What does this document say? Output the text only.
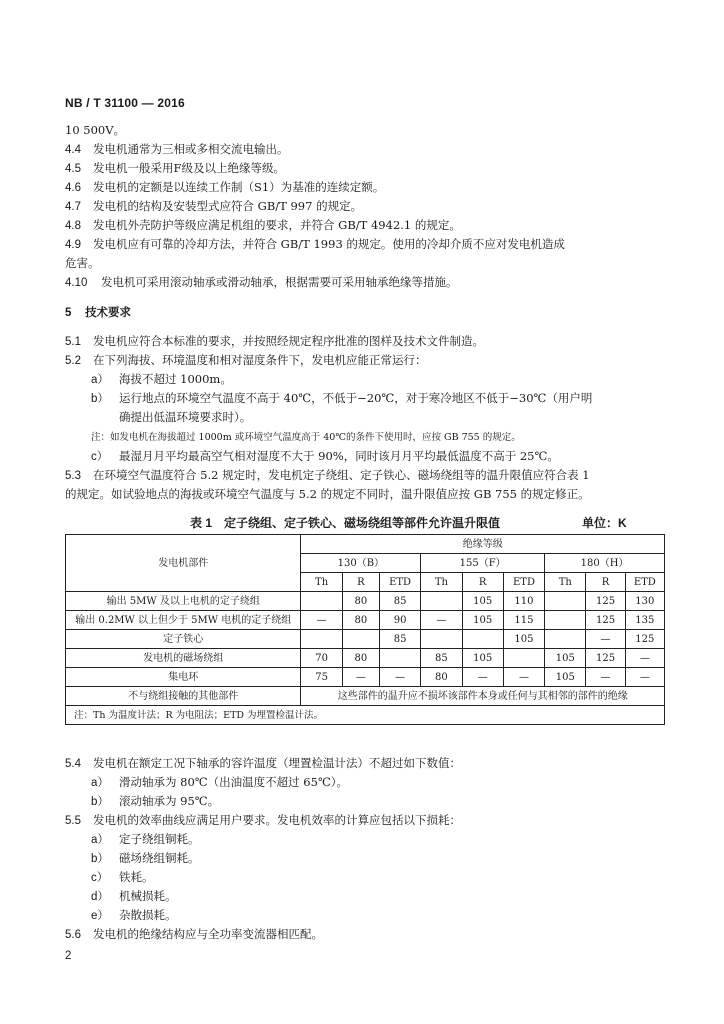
NB / T 31100 — 2016
10 500V。
4.4 发电机通常为三相或多相交流电输出。
4.5 发电机一般采用F级及以上绝缘等级。
4.6 发电机的定额是以连续工作制（S1）为基准的连续定额。
4.7 发电机的结构及安装型式应符合 GB/T 997 的规定。
4.8 发电机外壳防护等级应满足机组的要求，并符合 GB/T 4942.1 的规定。
4.9 发电机应有可靠的冷却方法，并符合 GB/T 1993 的规定。使用的冷却介质不应对发电机造成
危害。
4.10 发电机可采用滚动轴承或滑动轴承，根据需要可采用轴承绝缘等措施。
5 技术要求
5.1 发电机应符合本标准的要求，并按照经规定程序批准的图样及技术文件制造。
5.2 在下列海拔、环境温度和相对湿度条件下，发电机应能正常运行：
a） 海拔不超过 1000m。
b） 运行地点的环境空气温度不高于 40℃，不低于−20℃，对于寒冷地区不低于−30℃（用户明
确提出低温环境要求时）。
注：如发电机在海拔超过 1000m 或环境空气温度高于 40℃的条件下使用时，应按 GB 755 的规定。
c） 最湿月月平均最高空气相对湿度不大于 90%，同时该月月平均最低温度不高于 25℃。
5.3 在环境空气温度符合 5.2 规定时，发电机定子绕组、定子铁心、磁场绕组等的温升限值应符合表 1
的规定。如试验地点的海拔或环境空气温度与 5.2 的规定不同时，温升限值应按 GB 755 的规定修正。
表 1　定子绕组、定子铁心、磁场绕组等部件允许温升限值	单位：K
发电机部件	绝缘等级								
	130（B）			155（F）			180（H）		
	Th	R	ETD	Th	R	ETD	Th	R	ETD
输出 5MW 及以上电机的定子绕组		80	85		105	110		125	130
输出 0.2MW 以上但少于 5MW 电机的定子绕组	—	80	90	—	105	115		125	135
定子铁心			85			105		—	125
发电机的磁场绕组	70	80		85	105		105	125	—
集电环	75	—	—	80	—	—	105	—	—
不与绕组接触的其他部件	这些部件的温升应不损坏该部件本身或任何与其相邻的部件的绝缘								
注：Th 为温度计法；R 为电阻法；ETD 为埋置检温计法。									
5.4 发电机在额定工况下轴承的容许温度（埋置检温计法）不超过如下数值：
a） 滑动轴承为 80℃（出油温度不超过 65℃）。
b） 滚动轴承为 95℃。
5.5 发电机的效率曲线应满足用户要求。发电机效率的计算应包括以下损耗：
a） 定子绕组铜耗。
b） 磁场绕组铜耗。
c） 铁耗。
d） 机械损耗。
e） 杂散损耗。
5.6 发电机的绝缘结构应与全功率变流器相匹配。
2
